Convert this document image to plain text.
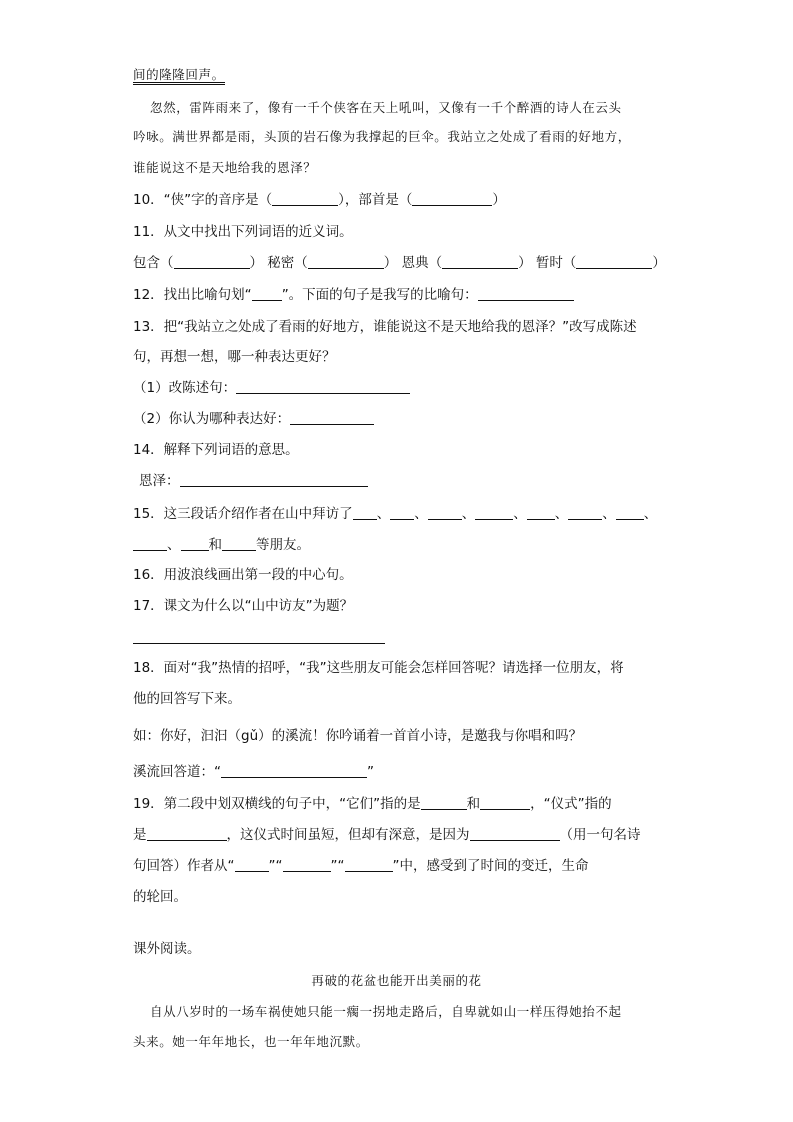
间的隆隆回声。
忽然，雷阵雨来了，像有一千个侠客在天上吼叫，又像有一千个醉酒的诗人在云头
吟咏。满世界都是雨，头顶的岩石像为我撑起的巨伞。我站立之处成了看雨的好地方，
谁能说这不是天地给我的恩泽？
10．“侠”字的音序是（	），部首是（	）
11．从文中找出下列词语的近义词。
包含（	） 秘密（	） 恩典（	） 暂时（	）
12．找出比喻句划“ ”。下面的句子是我写的比喻句：
13．把“我站立之处成了看雨的好地方，谁能说这不是天地给我的恩泽？”改写成陈述
句，再想一想，哪一种表达更好？
（1）改陈述句：
（2）你认为哪种表达好：
14．解释下列词语的意思。
恩泽：
15．这三段话介绍作者在山中拜访了 、 、	、	、 、	、 、
、 和	等朋友。
16．用波浪线画出第一段的中心句。
17．课文为什么以“山中访友”为题？
18．面对“我”热情的招呼，“我”这些朋友可能会怎样回答呢？请选择一位朋友，将
他的回答写下来。
如：你好，汩汩（gǔ）的溪流！你吟诵着一首首小诗，是邀我与你唱和吗？
溪流回答道：“	”
19．第二段中划双横线的句子中，“它们”指的是	和	，“仪式”指的
是	，这仪式时间虽短，但却有深意，是因为	（用一句名诗
句回答）作者从“	”“	”“	”中，感受到了时间的变迁，生命
的轮回。
课外阅读。
再破的花盆也能开出美丽的花
自从八岁时的一场车祸使她只能一瘸一拐地走路后，自卑就如山一样压得她抬不起
头来。她一年年地长，也一年年地沉默。
